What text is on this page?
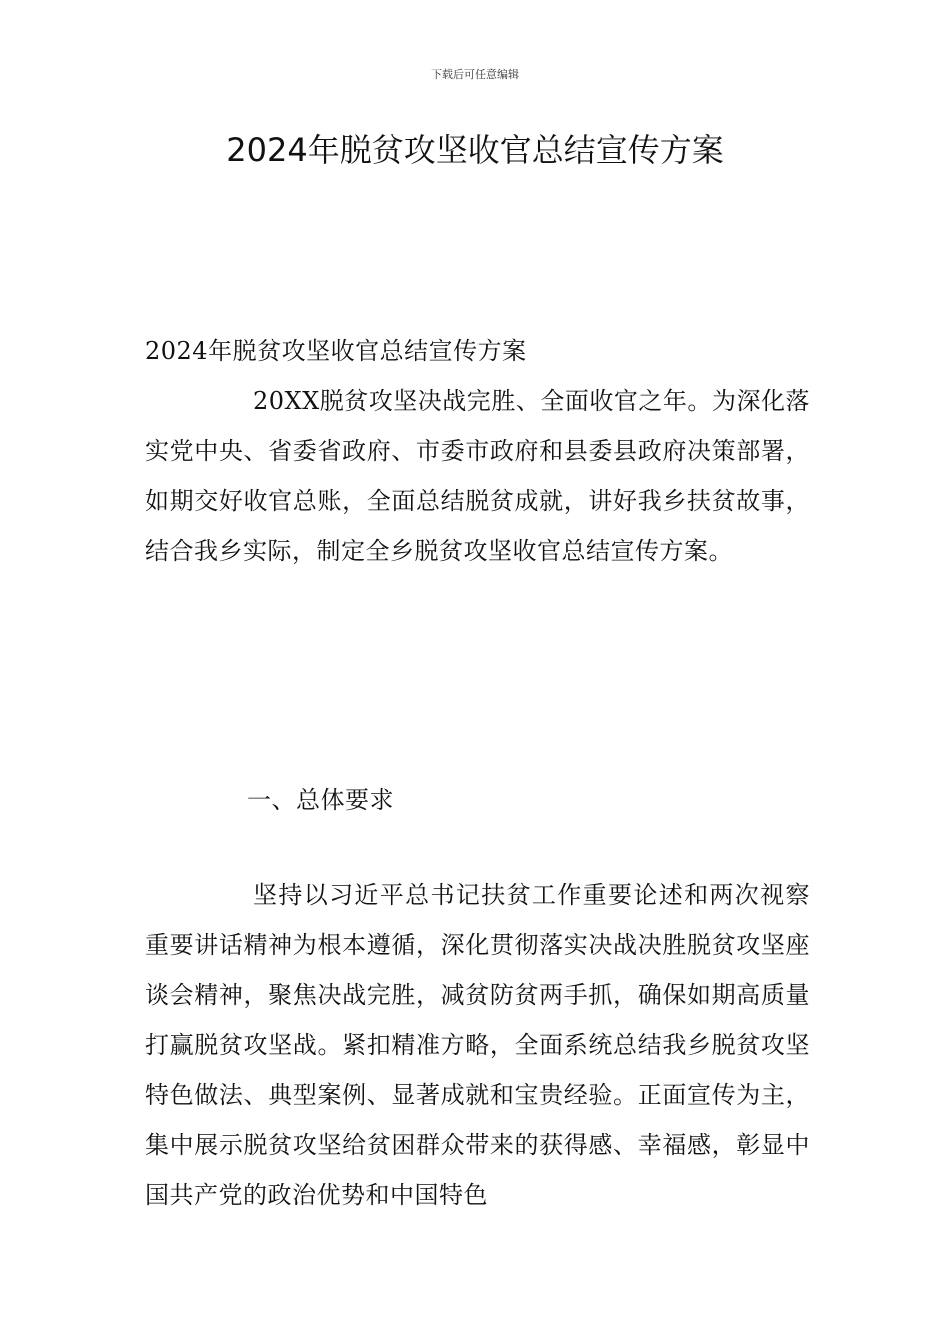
下载后可任意编辑
2024年脱贫攻坚收官总结宣传方案
2024年脱贫攻坚收官总结宣传方案
20XX脱贫攻坚决战完胜、全面收官之年。为深化落实党中央、省委省政府、市委市政府和县委县政府决策部署，如期交好收官总账，全面总结脱贫成就，讲好我乡扶贫故事，结合我乡实际，制定全乡脱贫攻坚收官总结宣传方案。
一、总体要求
坚持以习近平总书记扶贫工作重要论述和两次视察重要讲话精神为根本遵循，深化贯彻落实决战决胜脱贫攻坚座谈会精神，聚焦决战完胜，减贫防贫两手抓，确保如期高质量打赢脱贫攻坚战。紧扣精准方略，全面系统总结我乡脱贫攻坚特色做法、典型案例、显著成就和宝贵经验。正面宣传为主，集中展示脱贫攻坚给贫困群众带来的获得感、幸福感，彰显中国共产党的政治优势和中国特色
